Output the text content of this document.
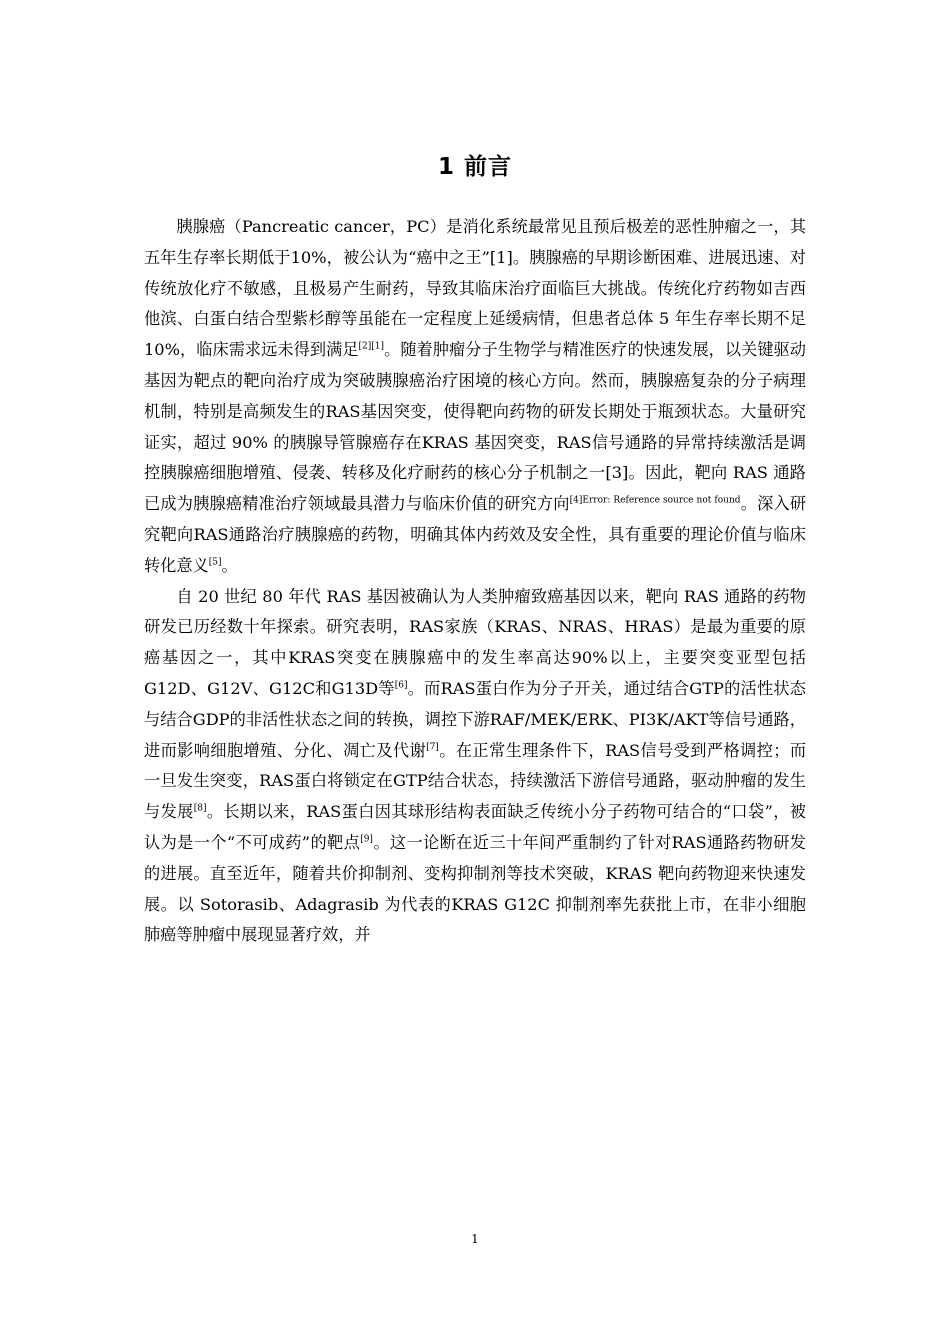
1 前言

胰腺癌（Pancreatic cancer，PC）是消化系统最常见且预后极差的恶性肿瘤之一，其五年生存率长期低于10%，被公认为“癌中之王”[1]。胰腺癌的早期诊断困难、进展迅速、对传统放化疗不敏感，且极易产生耐药，导致其临床治疗面临巨大挑战。传统化疗药物如吉西他滨、白蛋白结合型紫杉醇等虽能在一定程度上延缓病情，但患者总体 5 年生存率长期不足 10%，临床需求远未得到满足[2][1]。随着肿瘤分子生物学与精准医疗的快速发展，以关键驱动基因为靶点的靶向治疗成为突破胰腺癌治疗困境的核心方向。然而，胰腺癌复杂的分子病理机制，特别是高频发生的RAS基因突变，使得靶向药物的研发长期处于瓶颈状态。大量研究证实，超过 90% 的胰腺导管腺癌存在KRAS 基因突变，RAS信号通路的异常持续激活是调控胰腺癌细胞增殖、侵袭、转移及化疗耐药的核心分子机制之一[3]。因此，靶向 RAS 通路已成为胰腺癌精准治疗领域最具潜力与临床价值的研究方向$^{[4]Error: Reference source not found}$。深入研究靶向RAS通路治疗胰腺癌的药物，明确其体内药效及安全性，具有重要的理论价值与临床转化意义[5]。

自 20 世纪 80 年代 RAS 基因被确认为人类肿瘤致癌基因以来，靶向 RAS 通路的药物研发已历经数十年探索。研究表明，RAS家族（KRAS、NRAS、HRAS）是最为重要的原癌基因之一，其中KRAS突变在胰腺癌中的发生率高达90%以上，主要突变亚型包括G12D、G12V、G12C和G13D等[6]。而RAS蛋白作为分子开关，通过结合GTP的活性状态与结合GDP的非活性状态之间的转换，调控下游RAF/MEK/ERK、PI3K/AKT等信号通路，进而影响细胞增殖、分化、凋亡及代谢[7]。在正常生理条件下，RAS信号受到严格调控；而一旦发生突变，RAS蛋白将锁定在GTP结合状态，持续激活下游信号通路，驱动肿瘤的发生与发展[8]。长期以来，RAS蛋白因其球形结构表面缺乏传统小分子药物可结合的“口袋”，被认为是一个“不可成药”的靶点[9]。这一论断在近三十年间严重制约了针对RAS通路药物研发的进展。直至近年，随着共价抑制剂、变构抑制剂等技术突破，KRAS 靶向药物迎来快速发展。以 Sotorasib、Adagrasib 为代表的KRAS G12C 抑制剂率先获批上市，在非小细胞肺癌等肿瘤中展现显著疗效，并

1
